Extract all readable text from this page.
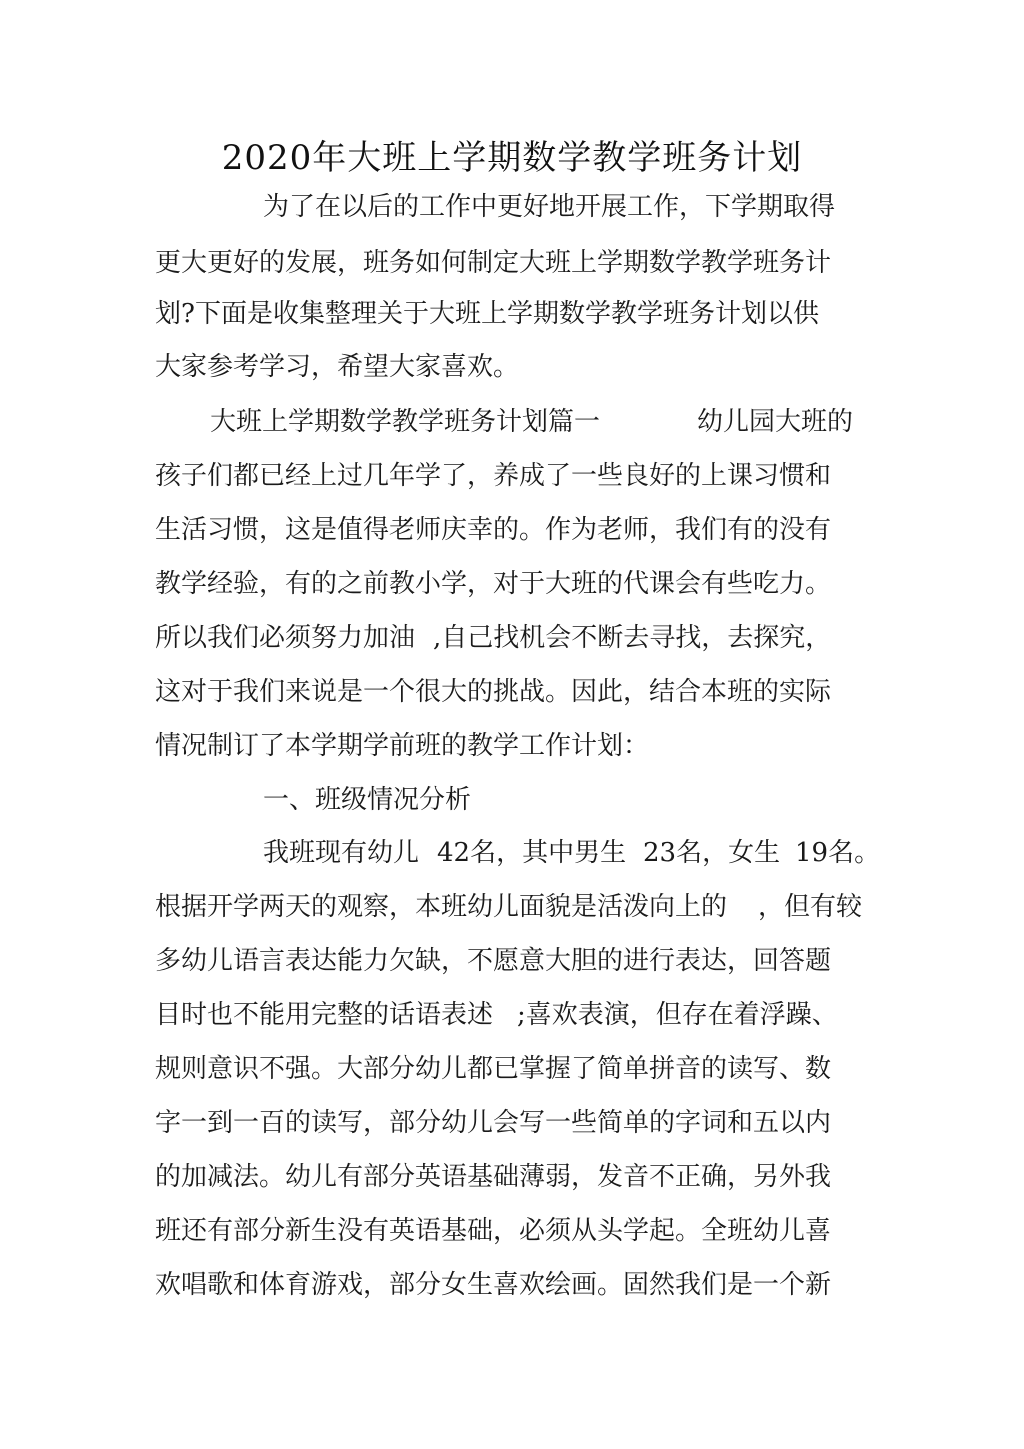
2020年大班上学期数学教学班务计划
为了在以后的工作中更好地开展工作，下学期取得
更大更好的发展，班务如何制定大班上学期数学教学班务计
划?下面是收集整理关于大班上学期数学教学班务计划以供
大家参考学习，希望大家喜欢。
大班上学期数学教学班务计划篇一	幼儿园大班的
孩子们都已经上过几年学了，养成了一些良好的上课习惯和
生活习惯，这是值得老师庆幸的。作为老师，我们有的没有
教学经验，有的之前教小学，对于大班的代课会有些吃力。
所以我们必须努力加油 ,自己找机会不断去寻找，去探究，
这对于我们来说是一个很大的挑战。因此，结合本班的实际
情况制订了本学期学前班的教学工作计划：
一、班级情况分析
我班现有幼儿 42名，其中男生 23名，女生 19名。
根据开学两天的观察，本班幼儿面貌是活泼向上的 ，但有较
多幼儿语言表达能力欠缺，不愿意大胆的进行表达，回答题
目时也不能用完整的话语表述 ;喜欢表演，但存在着浮躁、
规则意识不强。大部分幼儿都已掌握了简单拼音的读写、数
字一到一百的读写，部分幼儿会写一些简单的字词和五以内
的加减法。幼儿有部分英语基础薄弱，发音不正确，另外我
班还有部分新生没有英语基础，必须从头学起。全班幼儿喜
欢唱歌和体育游戏，部分女生喜欢绘画。固然我们是一个新
